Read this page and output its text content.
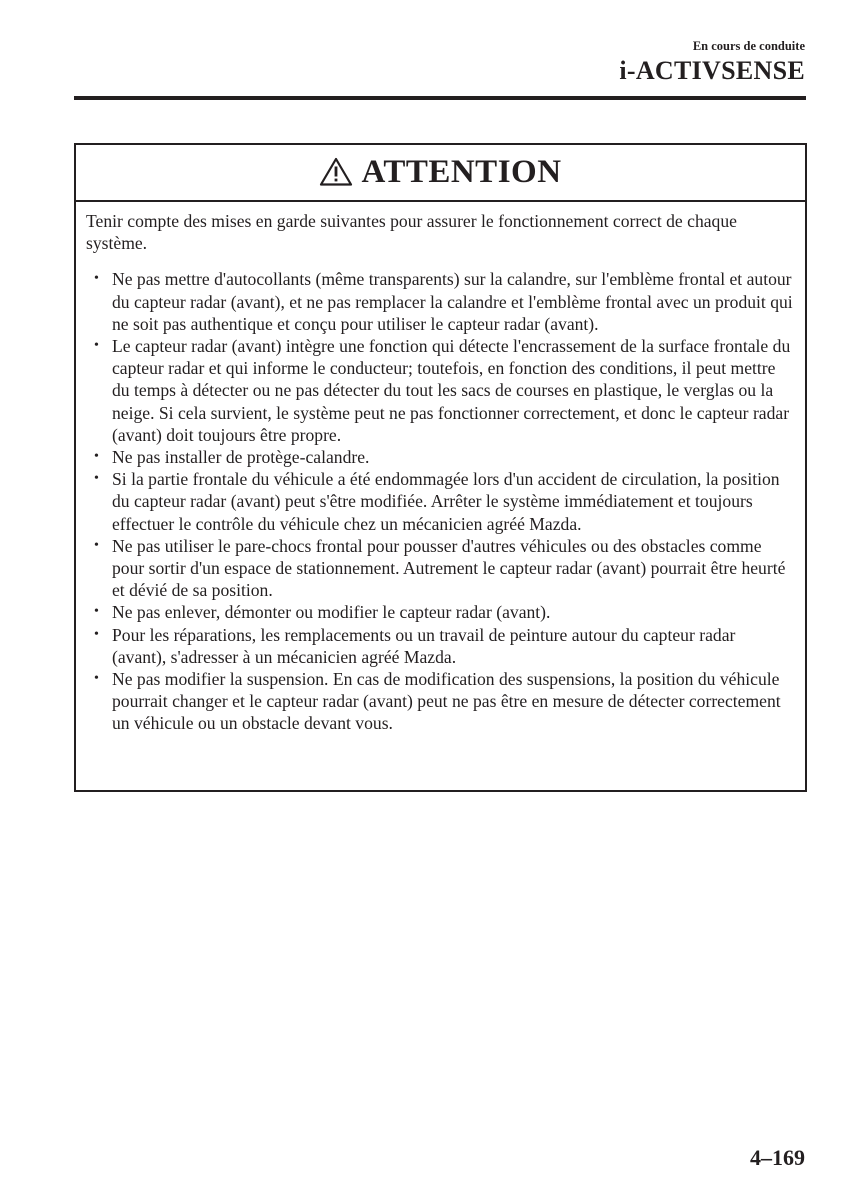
En cours de conduite
i-ACTIVSENSE
ATTENTION

Tenir compte des mises en garde suivantes pour assurer le fonctionnement correct de chaque système.

• Ne pas mettre d'autocollants (même transparents) sur la calandre, sur l'emblème frontal et autour du capteur radar (avant), et ne pas remplacer la calandre et l'emblème frontal avec un produit qui ne soit pas authentique et conçu pour utiliser le capteur radar (avant).
• Le capteur radar (avant) intègre une fonction qui détecte l'encrassement de la surface frontale du capteur radar et qui informe le conducteur; toutefois, en fonction des conditions, il peut mettre du temps à détecter ou ne pas détecter du tout les sacs de courses en plastique, le verglas ou la neige. Si cela survient, le système peut ne pas fonctionner correctement, et donc le capteur radar (avant) doit toujours être propre.
• Ne pas installer de protège-calandre.
• Si la partie frontale du véhicule a été endommagée lors d'un accident de circulation, la position du capteur radar (avant) peut s'être modifiée. Arrêter le système immédiatement et toujours effectuer le contrôle du véhicule chez un mécanicien agréé Mazda.
• Ne pas utiliser le pare-chocs frontal pour pousser d'autres véhicules ou des obstacles comme pour sortir d'un espace de stationnement. Autrement le capteur radar (avant) pourrait être heurté et dévié de sa position.
• Ne pas enlever, démonter ou modifier le capteur radar (avant).
• Pour les réparations, les remplacements ou un travail de peinture autour du capteur radar (avant), s'adresser à un mécanicien agréé Mazda.
• Ne pas modifier la suspension. En cas de modification des suspensions, la position du véhicule pourrait changer et le capteur radar (avant) peut ne pas être en mesure de détecter correctement un véhicule ou un obstacle devant vous.
4–169
